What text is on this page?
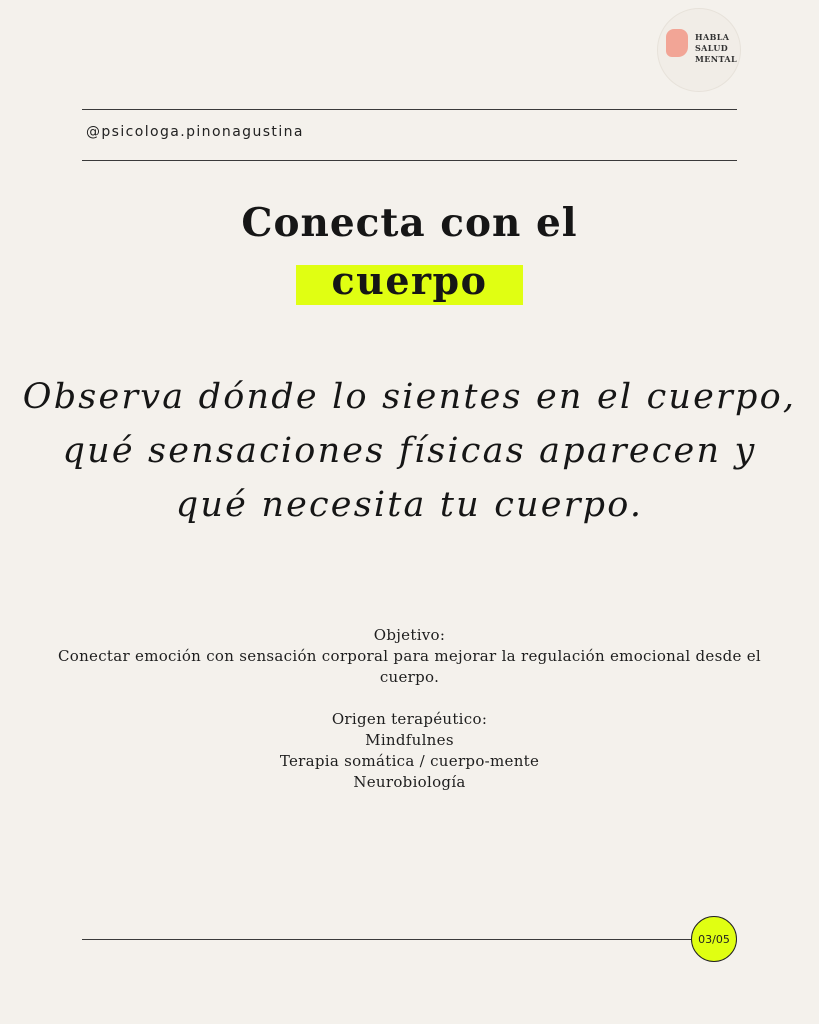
HABLA
SALUD
MENTAL
@psicologa.pinonagustina
Conecta con el
cuerpo
Observa dónde lo sientes en el cuerpo, qué sensaciones físicas aparecen y qué necesita tu cuerpo.
Objetivo:
Conectar emoción con sensación corporal para mejorar la regulación emocional desde el cuerpo.
Origen terapéutico:
Mindfulnes
Terapia somática / cuerpo-mente
Neurobiología
03/05
